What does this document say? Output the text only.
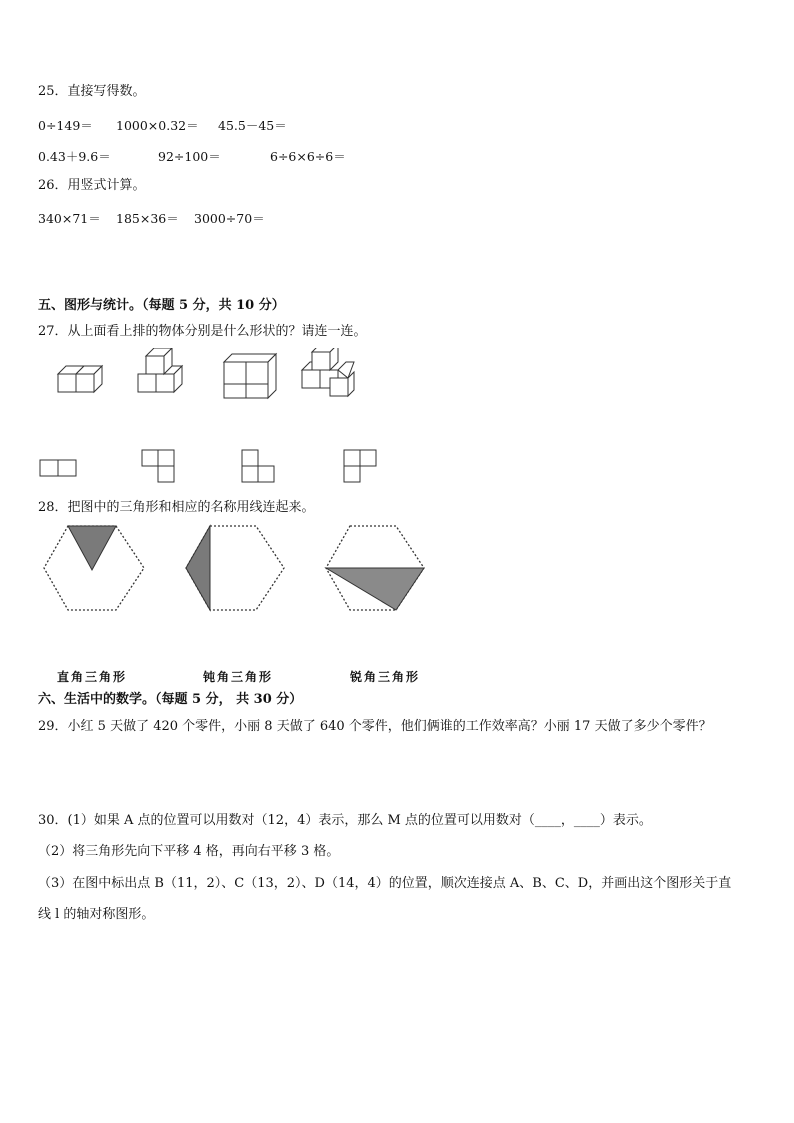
25．直接写得数。
0÷149＝ 1000×0.32＝ 45.5－45＝
0.43＋9.6＝	92÷100＝	6÷6×6÷6＝
26．用竖式计算。
340×71＝ 185×36＝ 3000÷70＝
五、图形与统计。（每题 5 分，共 10 分）
27．从上面看上排的物体分别是什么形状的？请连一连。
28．把图中的三角形和相应的名称用线连起来。
直角三角形	钝角三角形	锐角三角形
六、生活中的数学。（每题 5 分， 共 30 分）
29．小红 5 天做了 420 个零件，小丽 8 天做了 640 个零件，他们俩谁的工作效率高？小丽 17 天做了多少个零件？
30．(1）如果 A 点的位置可以用数对（12，4）表示，那么 M 点的位置可以用数对（____，____）表示。
（2）将三角形先向下平移 4 格，再向右平移 3 格。
（3）在图中标出点 B（11，2）、C（13，2）、D（14，4）的位置，顺次连接点 A、B、C、D，并画出这个图形关于直
线 l 的轴对称图形。
